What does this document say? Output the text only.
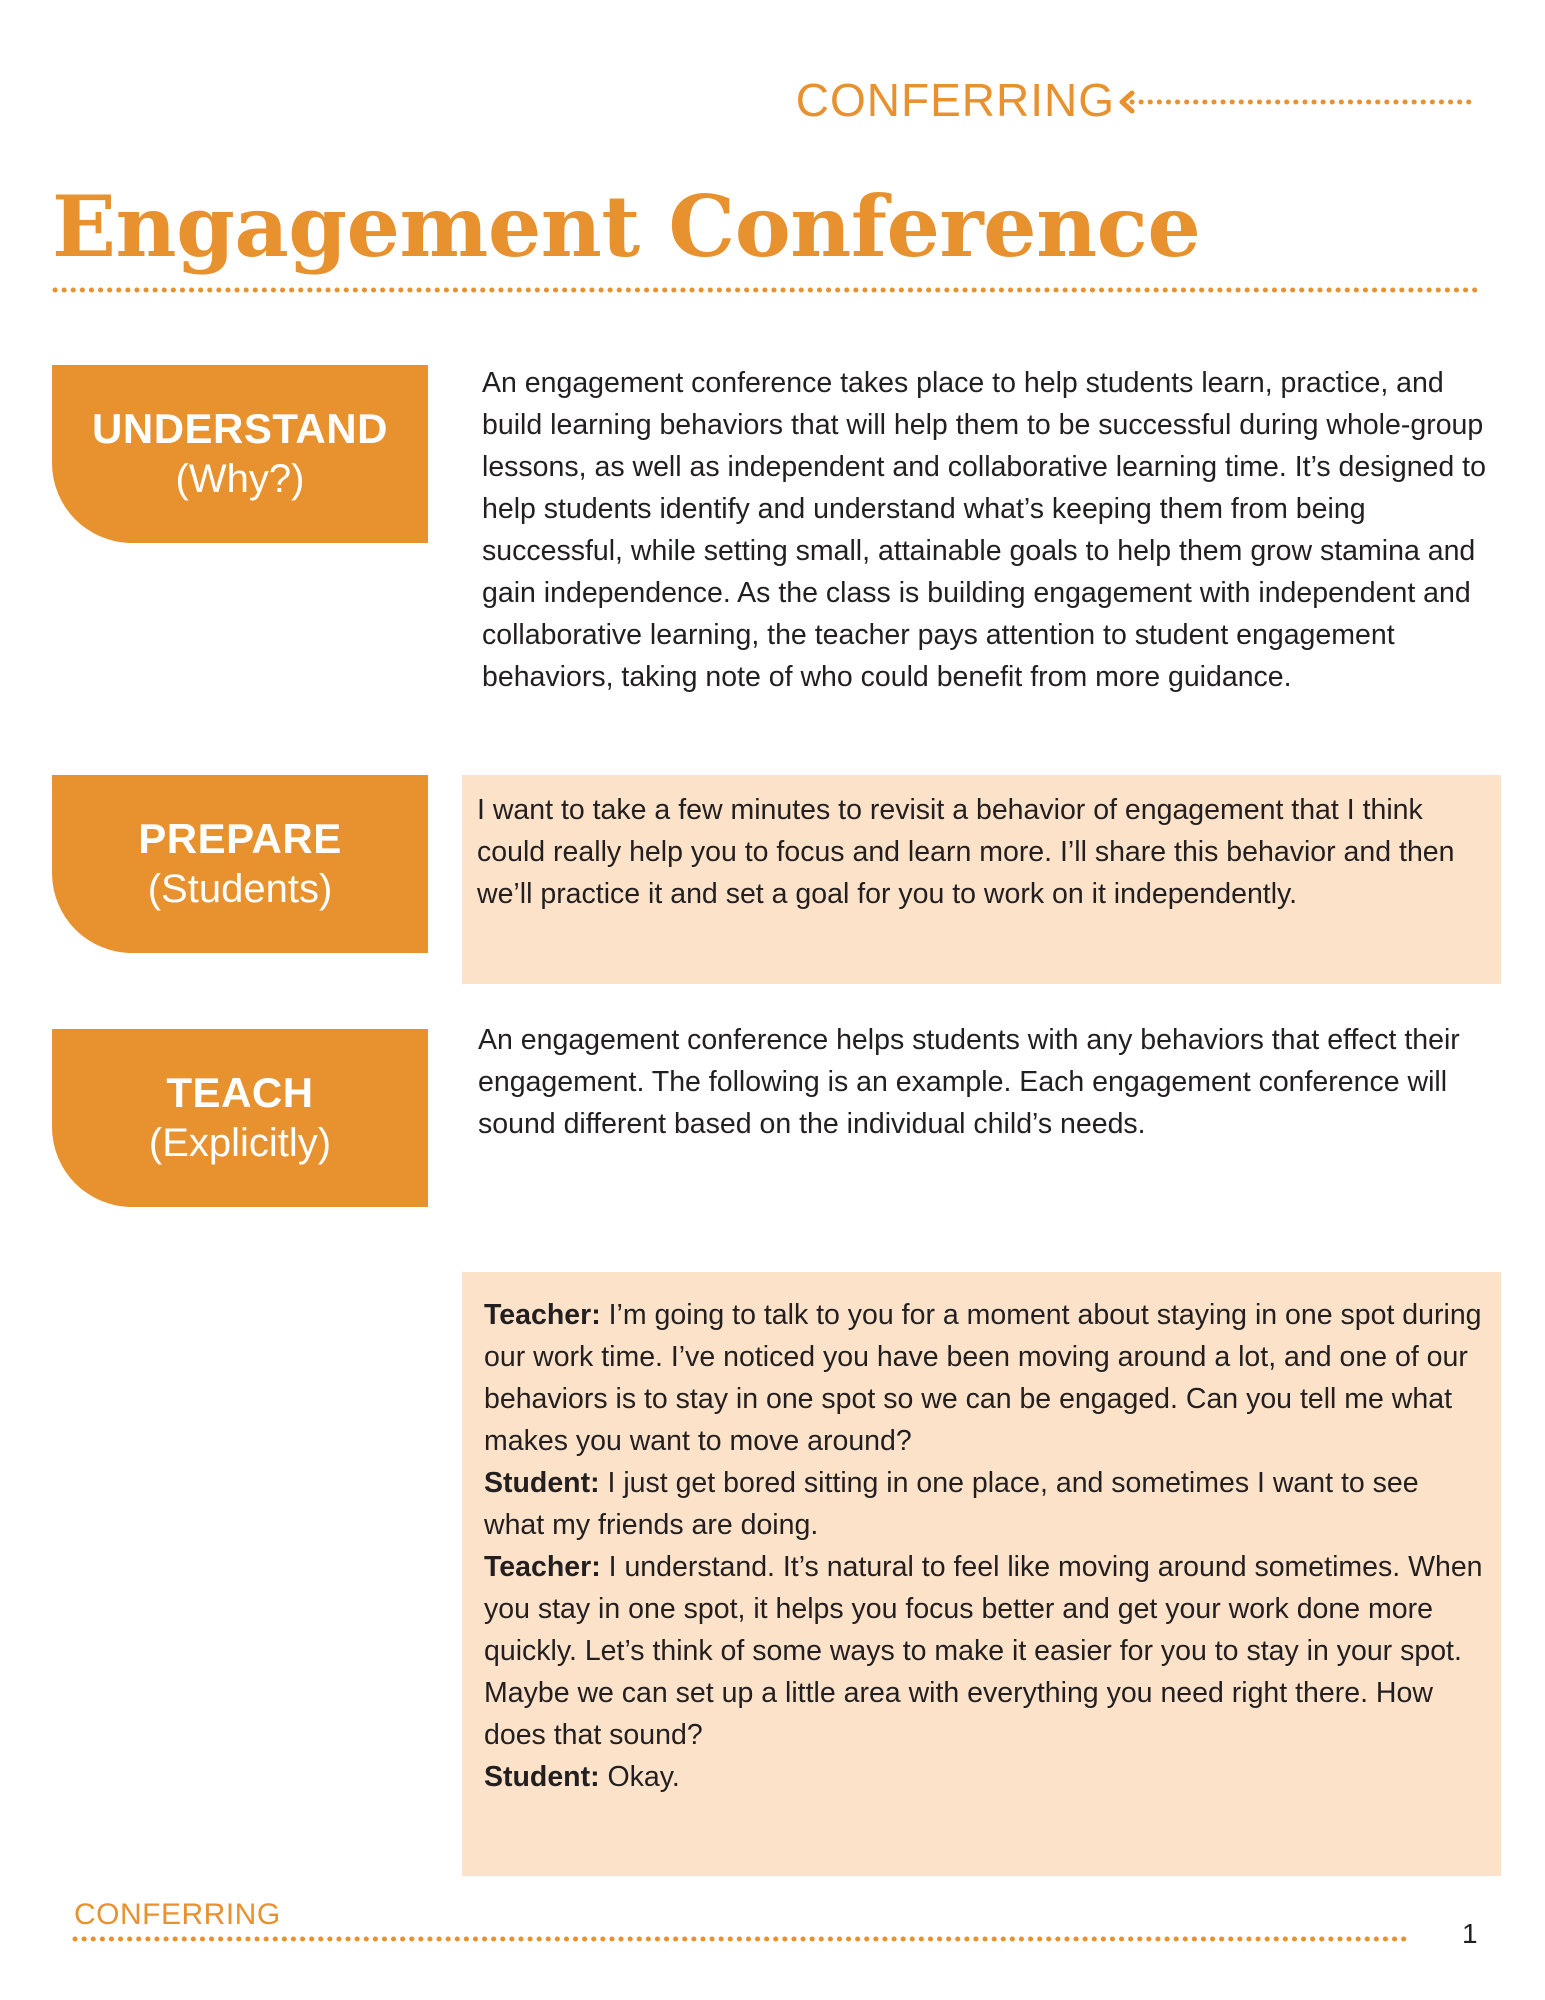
CONFERRING
Engagement Conference
UNDERSTAND
(Why?)
An engagement conference takes place to help students learn, practice, and build learning behaviors that will help them to be successful during whole-group lessons, as well as independent and collaborative learning time. It’s designed to help students identify and understand what’s keeping them from being successful, while setting small, attainable goals to help them grow stamina and gain independence. As the class is building engagement with independent and collaborative learning, the teacher pays attention to student engagement behaviors, taking note of who could benefit from more guidance.
PREPARE
(Students)
I want to take a few minutes to revisit a behavior of engagement that I think could really help you to focus and learn more. I’ll share this behavior and then we’ll practice it and set a goal for you to work on it independently.
TEACH
(Explicitly)
An engagement conference helps students with any behaviors that effect their engagement. The following is an example. Each engagement conference will sound different based on the individual child’s needs.
Teacher: I’m going to talk to you for a moment about staying in one spot during our work time. I’ve noticed you have been moving around a lot, and one of our behaviors is to stay in one spot so we can be engaged. Can you tell me what makes you want to move around?
Student: I just get bored sitting in one place, and sometimes I want to see what my friends are doing.
Teacher: I understand. It’s natural to feel like moving around sometimes. When you stay in one spot, it helps you focus better and get your work done more quickly. Let’s think of some ways to make it easier for you to stay in your spot. Maybe we can set up a little area with everything you need right there. How does that sound?
Student: Okay.
CONFERRING
1
